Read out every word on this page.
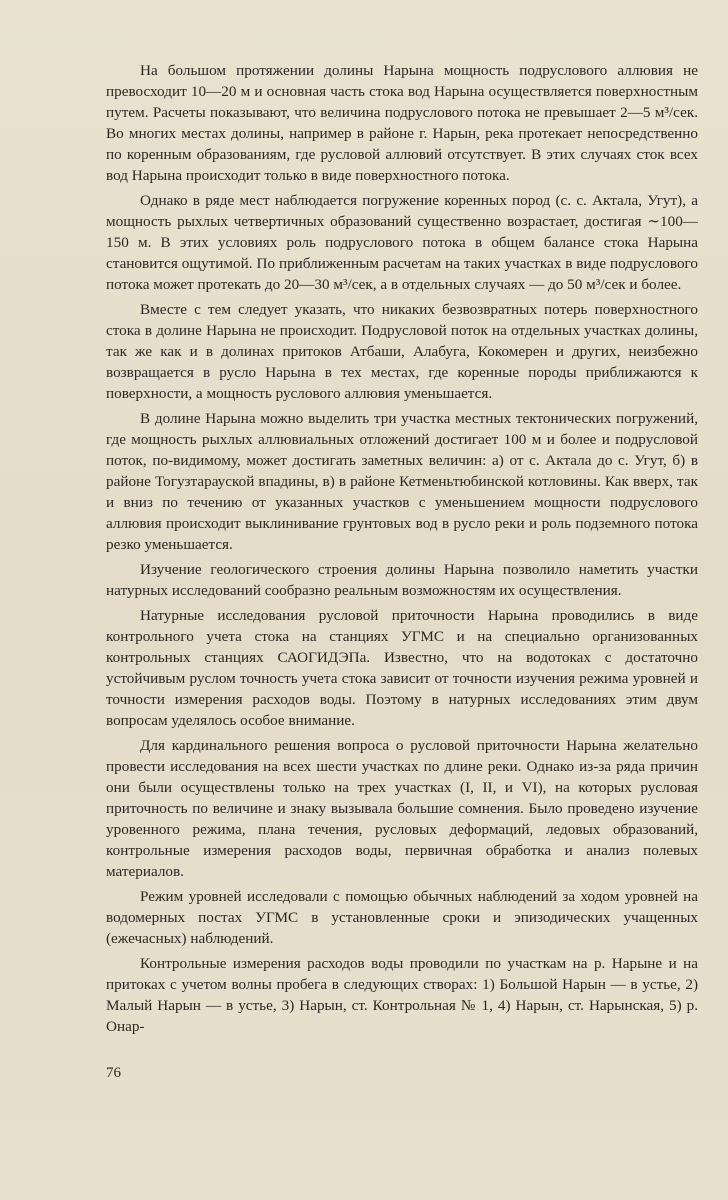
На большом протяжении долины Нарына мощность подруслового аллювия не превосходит 10—20 м и основная часть стока вод Нарына осуществляется поверхностным путем. Расчеты показывают, что величина подруслового потока не превышает 2—5 м³/сек. Во многих местах долины, например в районе г. Нарын, река протекает непосредственно по коренным образованиям, где русловой аллювий отсутствует. В этих случаях сток всех вод Нарына происходит только в виде поверхностного потока.

Однако в ряде мест наблюдается погружение коренных пород (с. с. Актала, Угут), а мощность рыхлых четвертичных образований существенно возрастает, достигая ∼100—150 м. В этих условиях роль подруслового потока в общем балансе стока Нарына становится ощутимой. По приближенным расчетам на таких участках в виде подруслового потока может протекать до 20—30 м³/сек, а в отдельных случаях — до 50 м³/сек и более.

Вместе с тем следует указать, что никаких безвозвратных потерь поверхностного стока в долине Нарына не происходит. Подрусловой поток на отдельных участках долины, так же как и в долинах притоков Атбаши, Алабуга, Кокомерен и других, неизбежно возвращается в русло Нарына в тех местах, где коренные породы приближаются к поверхности, а мощность руслового аллювия уменьшается.

В долине Нарына можно выделить три участка местных тектонических погружений, где мощность рыхлых аллювиальных отложений достигает 100 м и более и подрусловой поток, по-видимому, может достигать заметных величин: а) от с. Актала до с. Угут, б) в районе Тогузтарауской впадины, в) в районе Кетменьтюбинской котловины. Как вверх, так и вниз по течению от указанных участков с уменьшением мощности подруслового аллювия происходит выклинивание грунтовых вод в русло реки и роль подземного потока резко уменьшается.

Изучение геологического строения долины Нарына позволило наметить участки натурных исследований сообразно реальным возможностям их осуществления.

Натурные исследования русловой приточности Нарына проводились в виде контрольного учета стока на станциях УГМС и на специально организованных контрольных станциях САОГИДЭПа. Известно, что на водотоках с достаточно устойчивым руслом точность учета стока зависит от точности изучения режима уровней и точности измерения расходов воды. Поэтому в натурных исследованиях этим двум вопросам уделялось особое внимание.

Для кардинального решения вопроса о русловой приточности Нарына желательно провести исследования на всех шести участках по длине реки. Однако из-за ряда причин они были осуществлены только на трех участках (I, II, и VI), на которых русловая приточность по величине и знаку вызывала большие сомнения. Было проведено изучение уровенного режима, плана течения, русловых деформаций, ледовых образований, контрольные измерения расходов воды, первичная обработка и анализ полевых материалов.

Режим уровней исследовали с помощью обычных наблюдений за ходом уровней на водомерных постах УГМС в установленные сроки и эпизодических учащенных (ежечасных) наблюдений.

Контрольные измерения расходов воды проводили по участкам на р. Нарыне и на притоках с учетом волны пробега в следующих створах: 1) Большой Нарын — в устье, 2) Малый Нарын — в устье, 3) Нарын, ст. Контрольная № 1, 4) Нарын, ст. Нарынская, 5) р. Онар-

76
